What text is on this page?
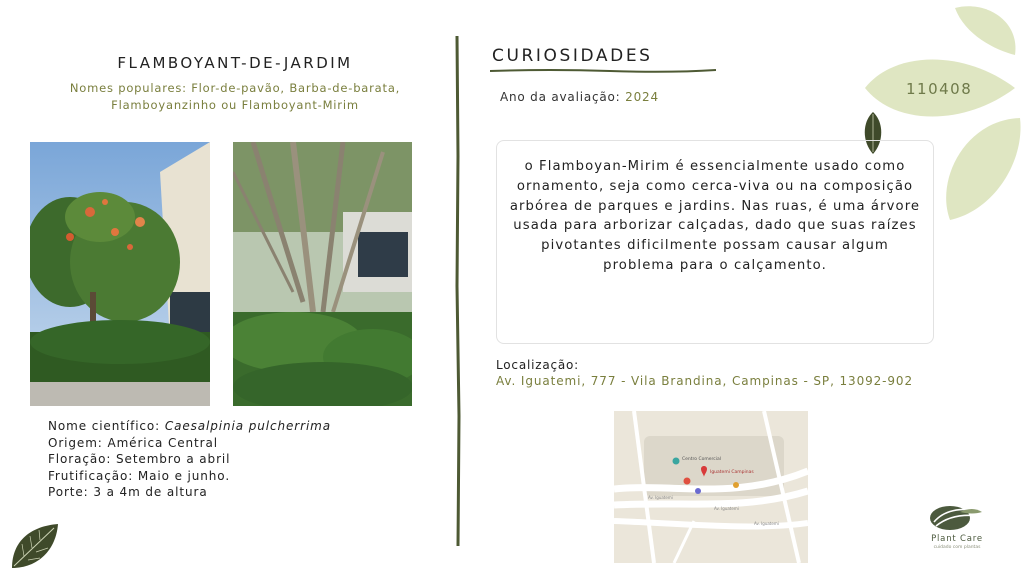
110408
FLAMBOYANT-DE-JARDIM
Nomes populares: Flor-de-pavão, Barba-de-barata,
Flamboyanzinho ou Flamboyant-Mirim
Nome científico: Caesalpinia pulcherrima
Origem: América Central
Floração: Setembro a abril
Frutificação: Maio e junho.
Porte: 3 a 4m de altura
CURIOSIDADES
Ano da avaliação: 2024

o Flamboyan-Mirim é essencialmente usado como ornamento, seja como cerca-viva ou na composição arbórea de parques e jardins. Nas ruas, é uma árvore usada para arborizar calçadas, dado que suas raízes pivotantes dificilmente possam causar algum problema para o calçamento.

Localização:
Av. Iguatemi, 777 - Vila Brandina, Campinas - SP, 13092-902
Centro Comercial
Iguatemi Campinas
Av. Iguatemi
Av. Iguatemi
Av. Iguatemi
Plant Care
cuidado com plantas
